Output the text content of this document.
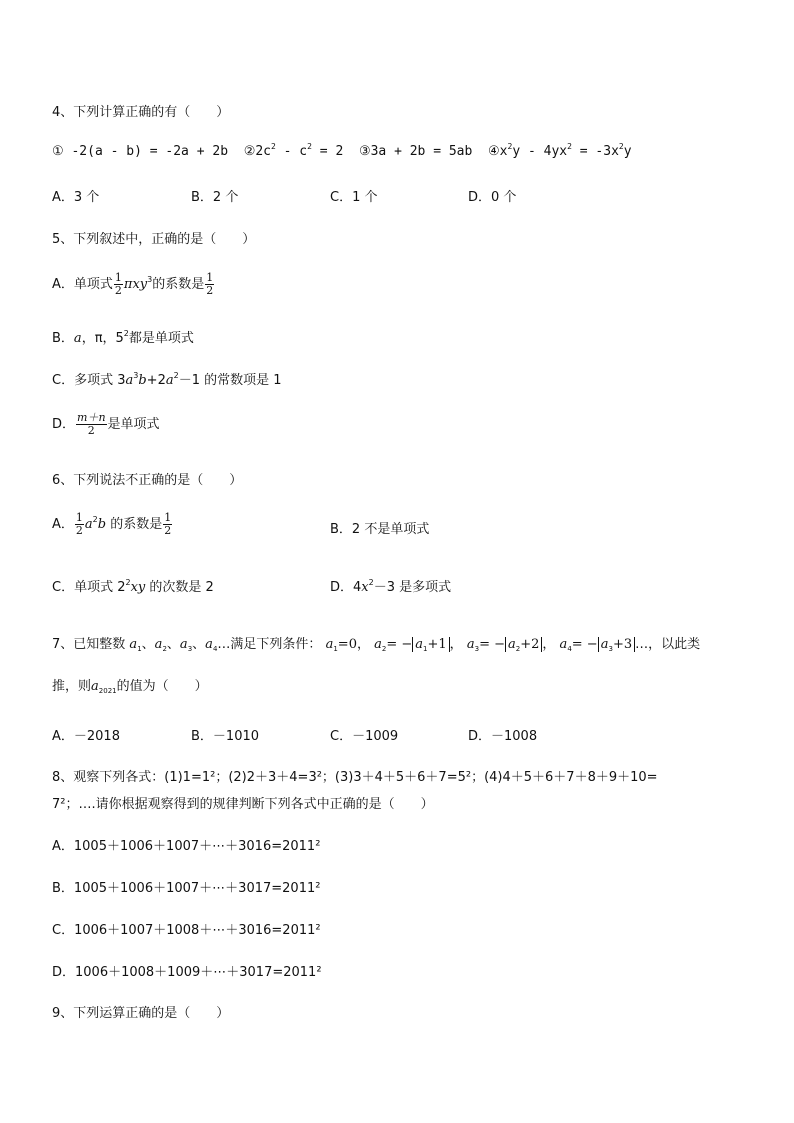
4、下列计算正确的有（　　）
① -2(a - b) = -2a + 2b $②2c^2 - c^2 = 2$ ③3a + 2b = 5ab $④x^2y - 4yx^2 = -3x^2y$
A．3 个	B．2 个	C．1 个	D．0 个
5、下列叙述中，正确的是（　　）
A．单项式 $\frac{1}{2} \pi xy^3$的系数是 $\frac{1}{2}$
B．a，π，$5^2$都是单项式
C．多项式 $3a^3b+2a^2-1$ 的常数项是 1
D． $\frac{m+n}{2}$ 是单项式
6、下列说法不正确的是（　　）
A． $\frac{1}{2} a^2b$ 的系数是 $\frac{1}{2}$	B．2 不是单项式
C．单项式 $2^2xy$ 的次数是 2	D．$4x^2-3$ 是多项式
7、已知整数 $a_1$、$a_2$、$a_3$、$a_4\dots$满足下列条件： $a_1=0$， $a_2= - a_1+1$ ， $a_3= - a_2+2$ ， $a_4= - a_3+3$ …，以此类
推，则$a_{2021}$的值为（　　）
A．－2018	B．－1010	C．－1009	D．－1008
8、观察下列各式：(1)1=1²；(2)2＋3＋4=3²；(3)3＋4＋5＋6＋7=5²；(4)4＋5＋6＋7＋8＋9＋10=
7²；….请你根据观察得到的规律判断下列各式中正确的是（　　）
A．1005＋1006＋1007＋⋯＋3016=2011²
B．1005＋1006＋1007＋⋯＋3017=2011²
C．1006＋1007＋1008＋⋯＋3016=2011²
D．1006＋1008＋1009＋⋯＋3017=2011²
9、下列运算正确的是（　　）
